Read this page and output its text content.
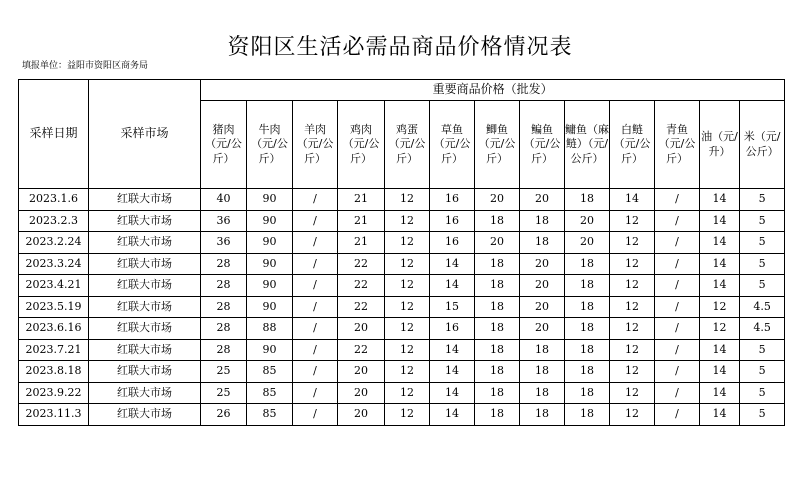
资阳区生活必需品商品价格情况表
填报单位：益阳市资阳区商务局
采样日期	采样市场	重要商品价格（批发）												
		猪肉（元/公斤）	牛肉（元/公斤）	羊肉（元/公斤）	鸡肉（元/公斤）	鸡蛋（元/公斤）	草鱼（元/公斤）	鲫鱼（元/公斤）	鳊鱼（元/公斤）	鳙鱼（麻鲢）（元/公斤）	白鲢（元/公斤）	青鱼（元/公斤）	油（元/升）	米（元/公斤）
2023.1.6	红联大市场	40	90	/	21	12	16	20	20	18	14	/	14	5
2023.2.3	红联大市场	36	90	/	21	12	16	18	18	20	12	/	14	5
2023.2.24	红联大市场	36	90	/	21	12	16	20	18	20	12	/	14	5
2023.3.24	红联大市场	28	90	/	22	12	14	18	20	18	12	/	14	5
2023.4.21	红联大市场	28	90	/	22	12	14	18	20	18	12	/	14	5
2023.5.19	红联大市场	28	90	/	22	12	15	18	20	18	12	/	12	4.5
2023.6.16	红联大市场	28	88	/	20	12	16	18	20	18	12	/	12	4.5
2023.7.21	红联大市场	28	90	/	22	12	14	18	18	18	12	/	14	5
2023.8.18	红联大市场	25	85	/	20	12	14	18	18	18	12	/	14	5
2023.9.22	红联大市场	25	85	/	20	12	14	18	18	18	12	/	14	5
2023.11.3	红联大市场	26	85	/	20	12	14	18	18	18	12	/	14	5
